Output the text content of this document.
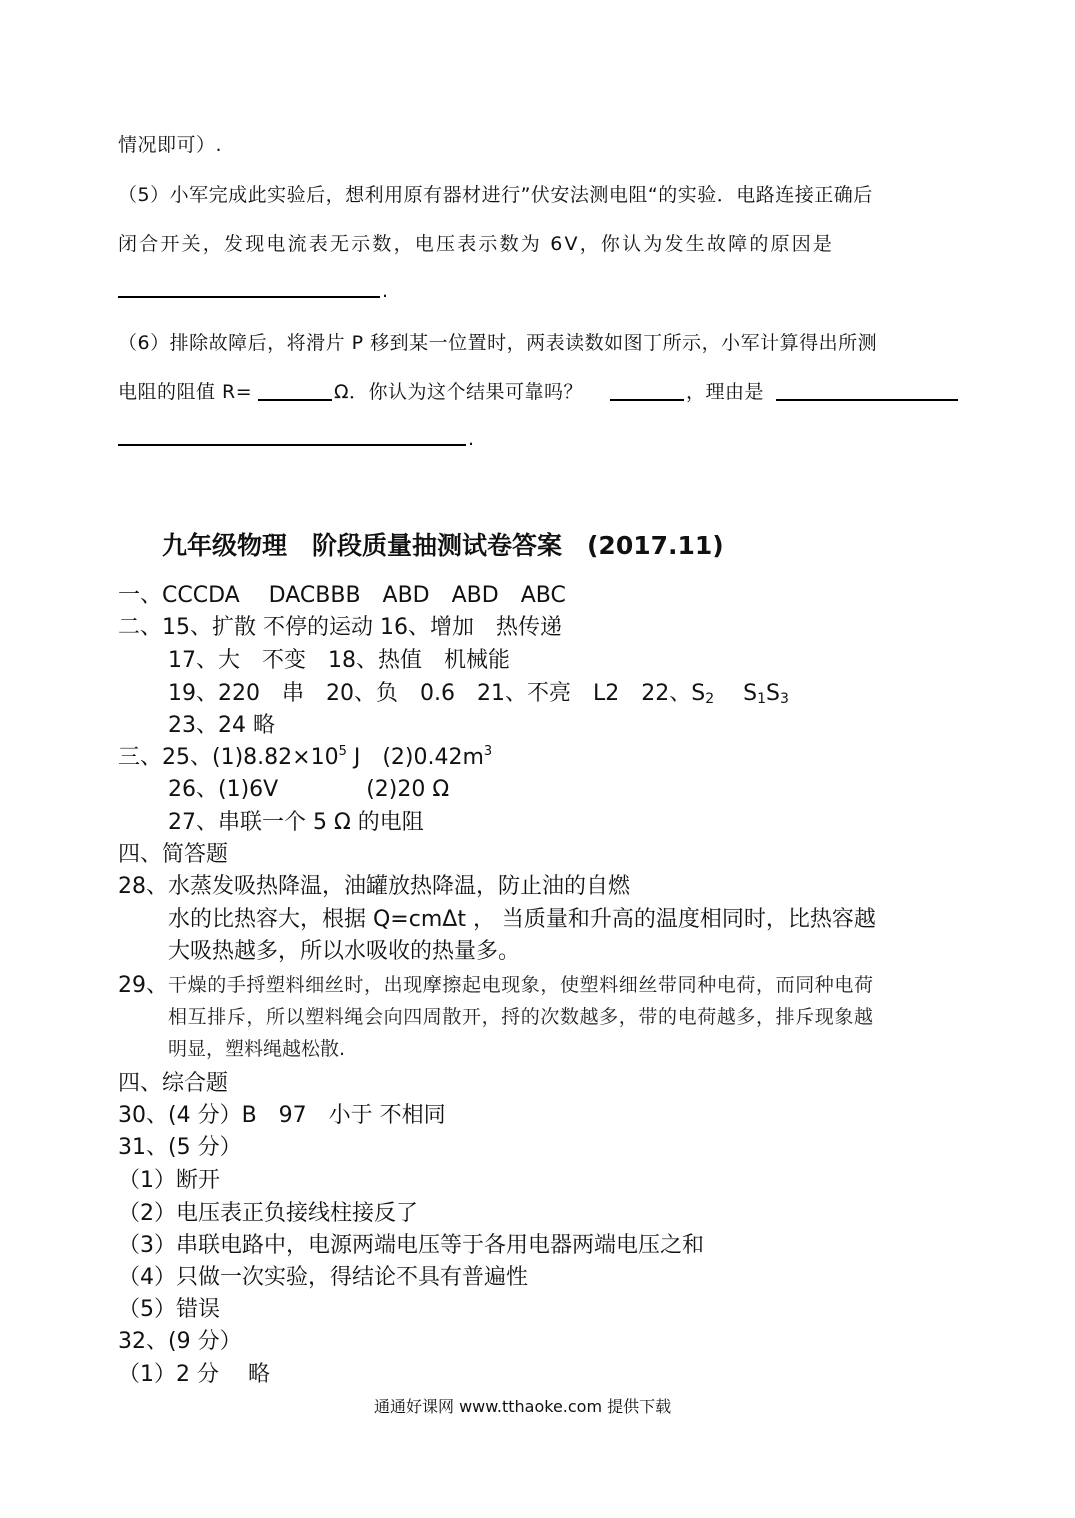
情况即可）.
（5）小军完成此实验后，想利用原有器材进行”伏安法测电阻“的实验．电路连接正确后
闭合开关，发现电流表无示数，电压表示数为 6V，你认为发生故障的原因是
.
（6）排除故障后，将滑片 P 移到某一位置时，两表读数如图丁所示，小军计算得出所测
电阻的阻值 R=	Ω．你认为这个结果可靠吗？	，理由是
.
九年级物理　阶段质量抽测试卷答案　(2017.11)
一、CCCDA　 DACBBB　ABD　ABD　ABC
二、15、扩散 不停的运动 16、增加　热传递
17、大　不变　18、热值　机械能
19、220　串　20、负　0.6　21、不亮　L2　22、$S_2$　 $S_1S_3$
23、24 略
三、25、$(1)8.82\times 10^5$ J　$(2)0.42m^3$
26、(1)6V　　　　(2)20 Ω
27、串联一个 5 Ω 的电阻
四、简答题
28、水蒸发吸热降温，油罐放热降温，防止油的自燃
水的比热容大，根据 Q=cmΔt ， 当质量和升高的温度相同时，比热容越
大吸热越多，所以水吸收的热量多。
29、 干燥的手捋塑料细丝时，出现摩擦起电现象，使塑料细丝带同种电荷，而同种电荷
相互排斥，所以塑料绳会向四周散开，捋的次数越多，带的电荷越多，排斥现象越
明显，塑料绳越松散.
四、综合题
30、(4 分）B　97　小于 不相同
31、(5 分）
（1）断开
（2）电压表正负接线柱接反了
（3）串联电路中，电源两端电压等于各用电器两端电压之和
（4）只做一次实验，得结论不具有普遍性
（5）错误
32、(9 分）
（1）2 分　 略
通通好课网 www.tthaoke.com 提供下载
